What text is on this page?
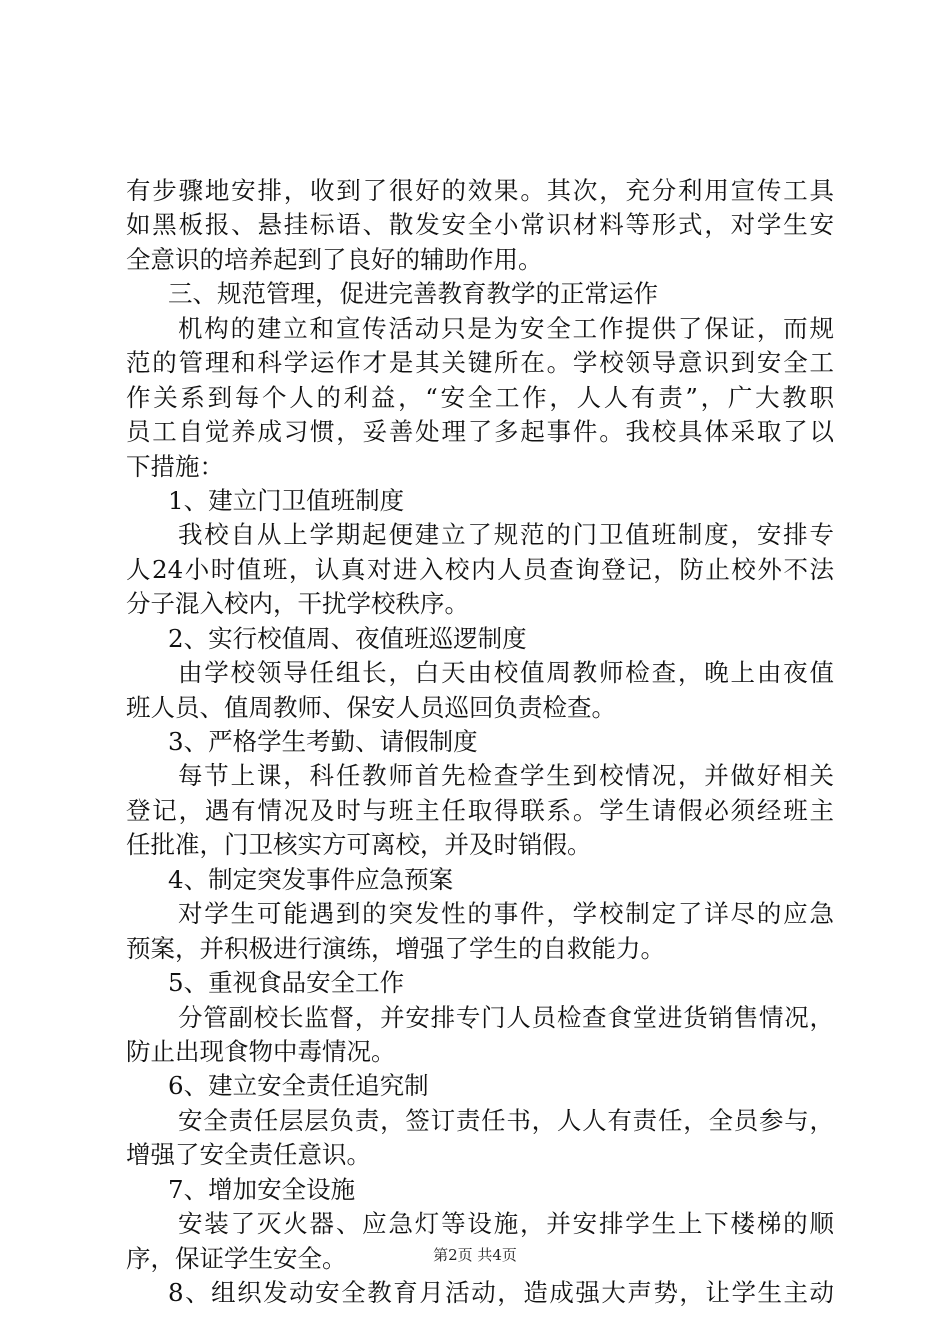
有步骤地安排，收到了很好的效果。其次，充分利用宣传工具
如黑板报、悬挂标语、散发安全小常识材料等形式，对学生安
全意识的培养起到了良好的辅助作用。
三、规范管理，促进完善教育教学的正常运作
机构的建立和宣传活动只是为安全工作提供了保证，而规
范的管理和科学运作才是其关键所在。学校领导意识到安全工
作关系到每个人的利益，“安全工作，人人有责”，广大教职
员工自觉养成习惯，妥善处理了多起事件。我校具体采取了以
下措施：
1、建立门卫值班制度
我校自从上学期起便建立了规范的门卫值班制度，安排专
人24小时值班，认真对进入校内人员查询登记，防止校外不法
分子混入校内，干扰学校秩序。
2、实行校值周、夜值班巡逻制度
由学校领导任组长，白天由校值周教师检查，晚上由夜值
班人员、值周教师、保安人员巡回负责检查。
3、严格学生考勤、请假制度
每节上课，科任教师首先检查学生到校情况，并做好相关
登记，遇有情况及时与班主任取得联系。学生请假必须经班主
任批准，门卫核实方可离校，并及时销假。
4、制定突发事件应急预案
对学生可能遇到的突发性的事件，学校制定了详尽的应急
预案，并积极进行演练，增强了学生的自救能力。
5、重视食品安全工作
分管副校长监督，并安排专门人员检查食堂进货销售情况，
防止出现食物中毒情况。
6、建立安全责任追究制
安全责任层层负责，签订责任书，人人有责任，全员参与，
增强了安全责任意识。
7、增加安全设施
安装了灭火器、应急灯等设施，并安排学生上下楼梯的顺
序，保证学生安全。
8、组织发动安全教育月活动，造成强大声势，让学生主动
第2页 共4页
